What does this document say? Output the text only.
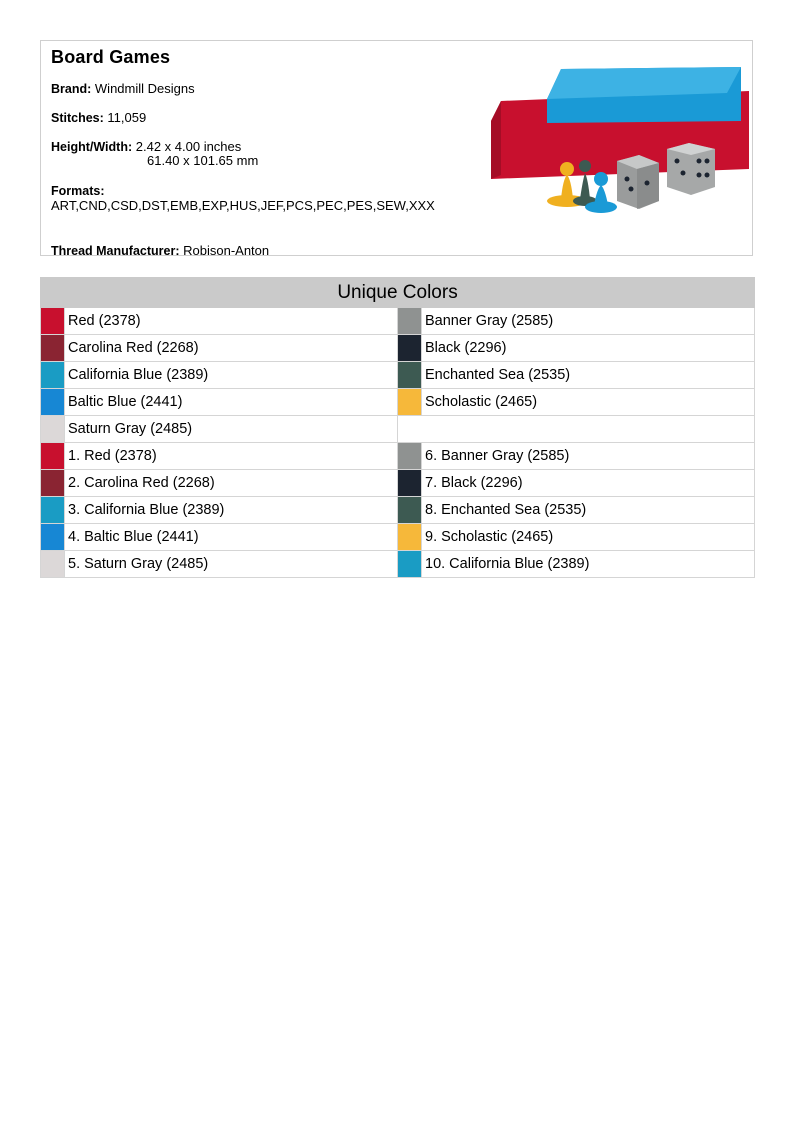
Board Games
Brand: Windmill Designs
Stitches: 11,059
Height/Width: 2.42 x 4.00 inches
61.40 x 101.65 mm
Formats:
ART,CND,CSD,DST,EMB,EXP,HUS,JEF,PCS,PEC,PES,SEW,XXX
Thread Manufacturer: Robison-Anton
Unique Colors			

	Red (2378)		Banner Gray (2585)

	Carolina Red (2268)		Black (2296)

	California Blue (2389)		Enchanted Sea (2535)

	Baltic Blue (2441)		Scholastic (2465)

	Saturn Gray (2485)		

	1. Red (2378)		6. Banner Gray (2585)

	2. Carolina Red (2268)		7. Black (2296)

	3. California Blue (2389)		8. Enchanted Sea (2535)

	4. Baltic Blue (2441)		9. Scholastic (2465)

	5. Saturn Gray (2485)		10. California Blue (2389)
